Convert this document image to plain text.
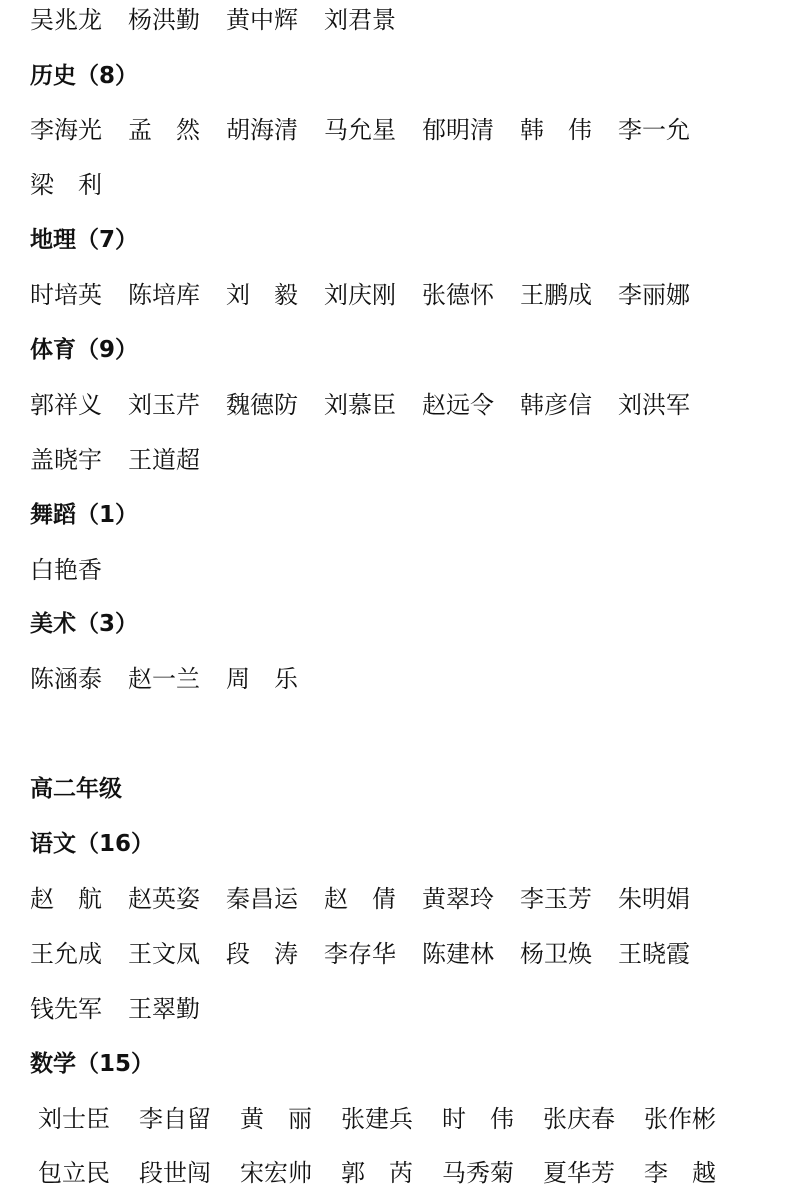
吴兆龙 杨洪勤 黄中辉 刘君景
历史（8）
李海光 孟　然 胡海清 马允星 郁明清 韩　伟 李一允
梁　利
地理（7）
时培英 陈培库 刘　毅 刘庆刚 张德怀 王鹏成 李丽娜
体育（9）
郭祥义 刘玉芹 魏德防 刘慕臣 赵远令 韩彦信 刘洪军
盖晓宇 王道超
舞蹈（1）
白艳香
美术（3）
陈涵泰 赵一兰 周　乐
高二年级
语文（16）
赵　航 赵英姿 秦昌运 赵　倩 黄翠玲 李玉芳 朱明娟
王允成 王文凤 段　涛 李存华 陈建林 杨卫焕 王晓霞
钱先军 王翠勤
数学（15）
刘士臣 李自留 黄　丽 张建兵 时　伟 张庆春 张作彬
包立民 段世闯 宋宏帅 郭　芮 马秀菊 夏华芳 李　越
